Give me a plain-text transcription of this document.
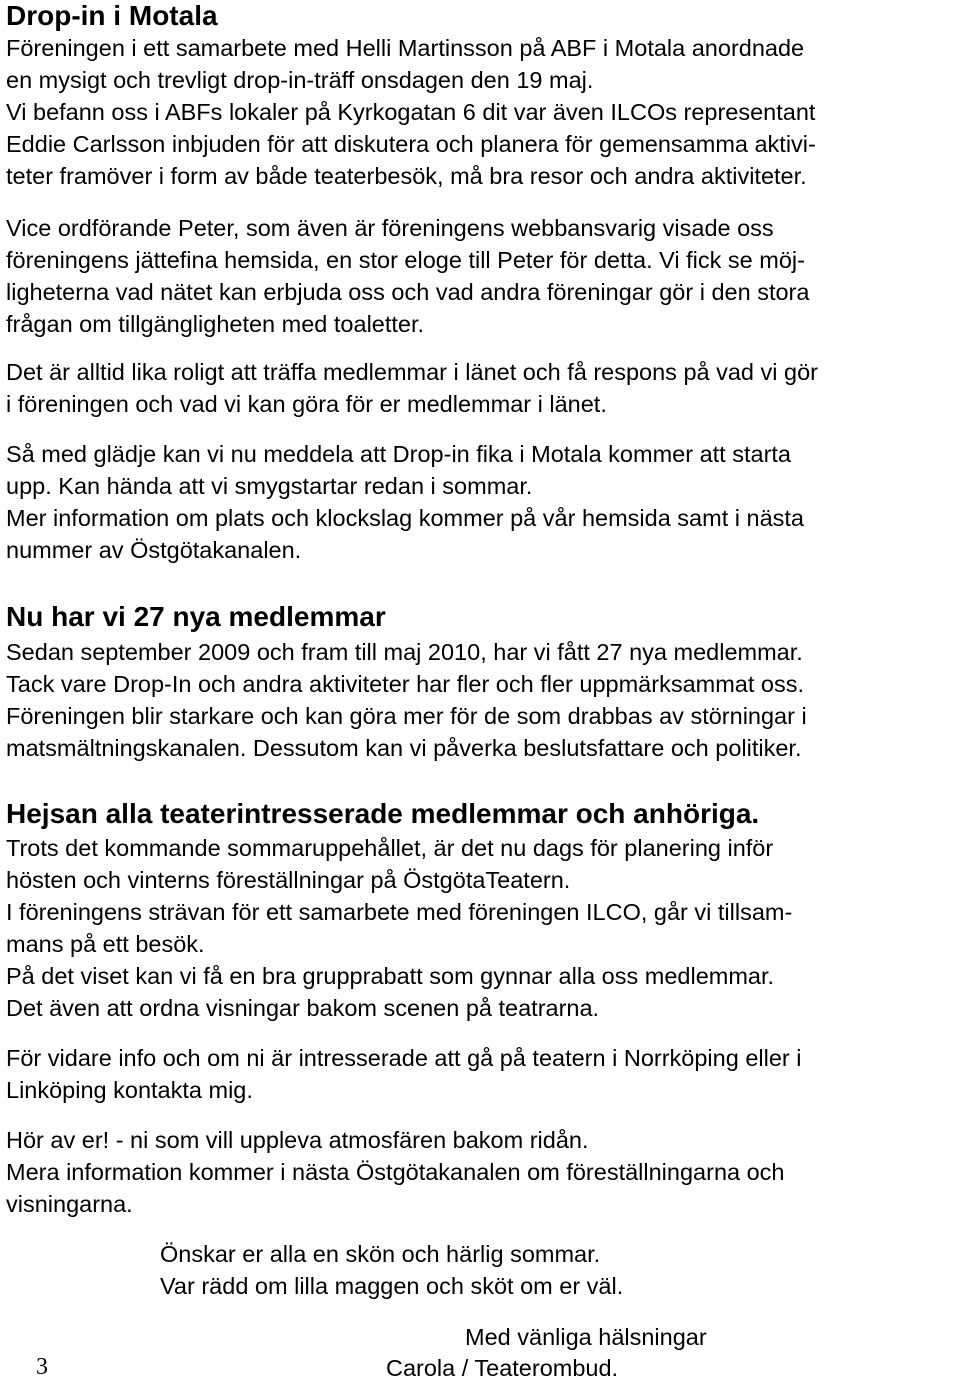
Drop-in i Motala

Föreningen i ett samarbete med Helli Martinsson på ABF i Motala anordnade

en mysigt och trevligt drop-in-träff onsdagen den 19 maj.

Vi befann oss i ABFs lokaler på Kyrkogatan 6 dit var även ILCOs representant

Eddie Carlsson inbjuden för att diskutera och planera för gemensamma aktivi-

teter framöver i form av både teaterbesök, må bra resor och andra aktiviteter.

Vice ordförande Peter, som även är föreningens webbansvarig visade oss

föreningens jättefina hemsida, en stor eloge till Peter för detta. Vi fick se möj-

ligheterna vad nätet kan erbjuda oss och vad andra föreningar gör i den stora

frågan om tillgängligheten med toaletter.

Det är alltid lika roligt att träffa medlemmar i länet och få respons på vad vi gör

i föreningen och vad vi kan göra för er medlemmar i länet.

Så med glädje kan vi nu meddela att Drop-in fika i Motala kommer att starta

upp. Kan hända att vi smygstartar redan i sommar.

Mer information om plats och klockslag kommer på vår hemsida samt i nästa

nummer av Östgötakanalen.

Nu har vi 27 nya medlemmar

Sedan september 2009 och fram till maj 2010, har vi fått 27 nya medlemmar.

Tack vare Drop-In och andra aktiviteter har fler och fler uppmärksammat oss.

Föreningen blir starkare och kan göra mer för de som drabbas av störningar i

matsmältningskanalen. Dessutom kan vi påverka beslutsfattare och politiker.

Hejsan alla teaterintresserade medlemmar och anhöriga.

Trots det kommande sommaruppehållet, är det nu dags för planering inför

hösten och vinterns föreställningar på ÖstgötaTeatern.

I föreningens strävan för ett samarbete med föreningen ILCO, går vi tillsam-

mans på ett besök.

På det viset kan vi få en bra grupprabatt som gynnar alla oss medlemmar.

Det även att ordna visningar bakom scenen på teatrarna.

För vidare info och om ni är intresserade att gå på teatern i Norrköping eller i

Linköping kontakta mig.

Hör av er! - ni som vill uppleva atmosfären bakom ridån.

Mera information kommer i nästa Östgötakanalen om föreställningarna och

visningarna.

Önskar er alla en skön och härlig sommar.

Var rädd om lilla maggen och sköt om er väl.

Med vänliga hälsningar

Carola / Teaterombud.

3
